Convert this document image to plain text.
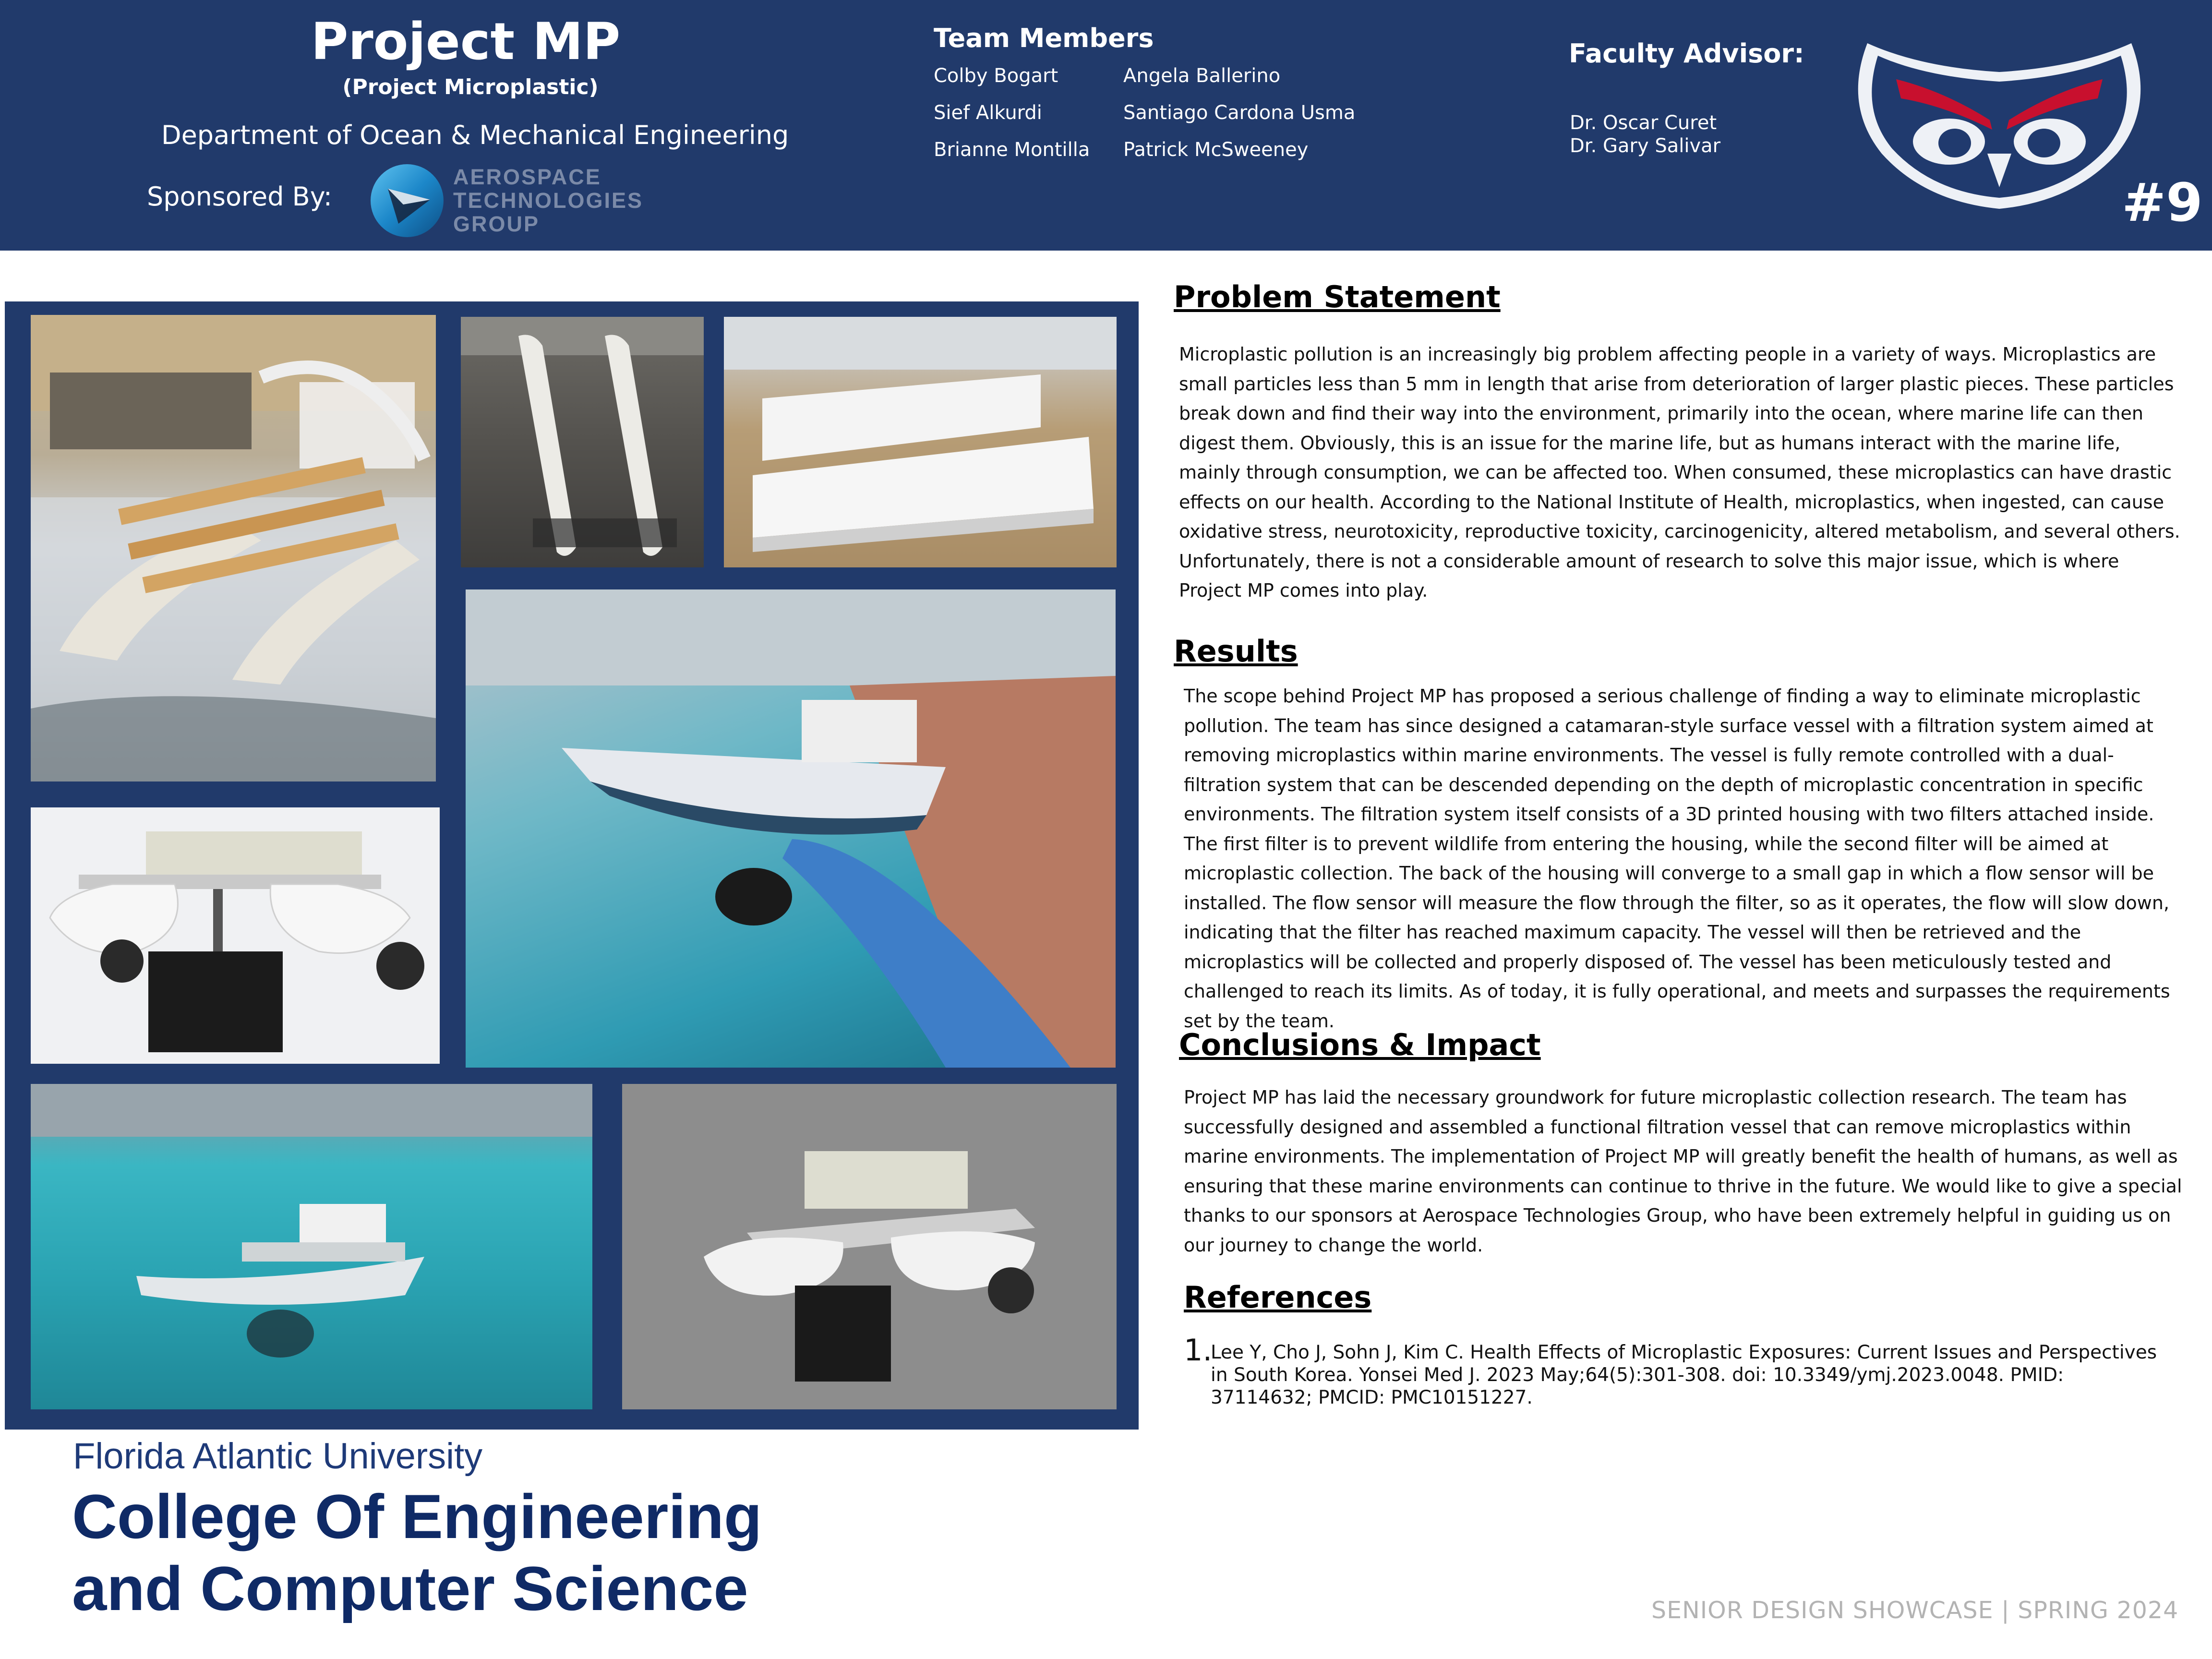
Project MP
(Project Microplastic)
Department of Ocean & Mechanical Engineering
Sponsored By:
AEROSPACE
TECHNOLOGIES
GROUP
Team Members
Colby Bogart
Sief Alkurdi
Brianne Montilla
Angela Ballerino
Santiago Cardona Usma
Patrick McSweeney
Faculty Advisor:
Dr. Oscar Curet
Dr. Gary Salivar
#9
Problem Statement
Microplastic pollution is an increasingly big problem affecting people in a variety of ways. Microplastics are small particles less than 5 mm in length that arise from deterioration of larger plastic pieces. These particles break down and find their way into the environment, primarily into the ocean, where marine life can then digest them. Obviously, this is an issue for the marine life, but as humans interact with the marine life, mainly through consumption, we can be affected too. When consumed, these microplastics can have drastic effects on our health. According to the National Institute of Health, microplastics, when ingested, can cause oxidative stress, neurotoxicity, reproductive toxicity, carcinogenicity, altered metabolism, and several others. Unfortunately, there is not a considerable amount of research to solve this major issue, which is where Project MP comes into play.
Results
The scope behind Project MP has proposed a serious challenge of finding a way to eliminate microplastic pollution. The team has since designed a catamaran-style surface vessel with a filtration system aimed at removing microplastics within marine environments. The vessel is fully remote controlled with a dual-filtration system that can be descended depending on the depth of microplastic concentration in specific environments. The filtration system itself consists of a 3D printed housing with two filters attached inside. The first filter is to prevent wildlife from entering the housing, while the second filter will be aimed at microplastic collection. The back of the housing will converge to a small gap in which a flow sensor will be installed. The flow sensor will measure the flow through the filter, so as it operates, the flow will slow down, indicating that the filter has reached maximum capacity. The vessel will then be retrieved and the microplastics will be collected and properly disposed of. The vessel has been meticulously tested and challenged to reach its limits. As of today, it is fully operational, and meets and surpasses the requirements set by the team.
Conclusions & Impact
Project MP has laid the necessary groundwork for future microplastic collection research. The team has successfully designed and assembled a functional filtration vessel that can remove microplastics within marine environments. The implementation of Project MP will greatly benefit the health of humans, as well as ensuring that these marine environments can continue to thrive in the future. We would like to give a special thanks to our sponsors at Aerospace Technologies Group, who have been extremely helpful in guiding us on our journey to change the world.
References
1.
Lee Y, Cho J, Sohn J, Kim C. Health Effects of Microplastic Exposures: Current Issues and Perspectives in South Korea. Yonsei Med J. 2023 May;64(5):301-308. doi: 10.3349/ymj.2023.0048. PMID: 37114632; PMCID: PMC10151227.
Florida Atlantic University
College Of Engineering
and Computer Science	SENIOR DESIGN SHOWCASE | SPRING 2024
